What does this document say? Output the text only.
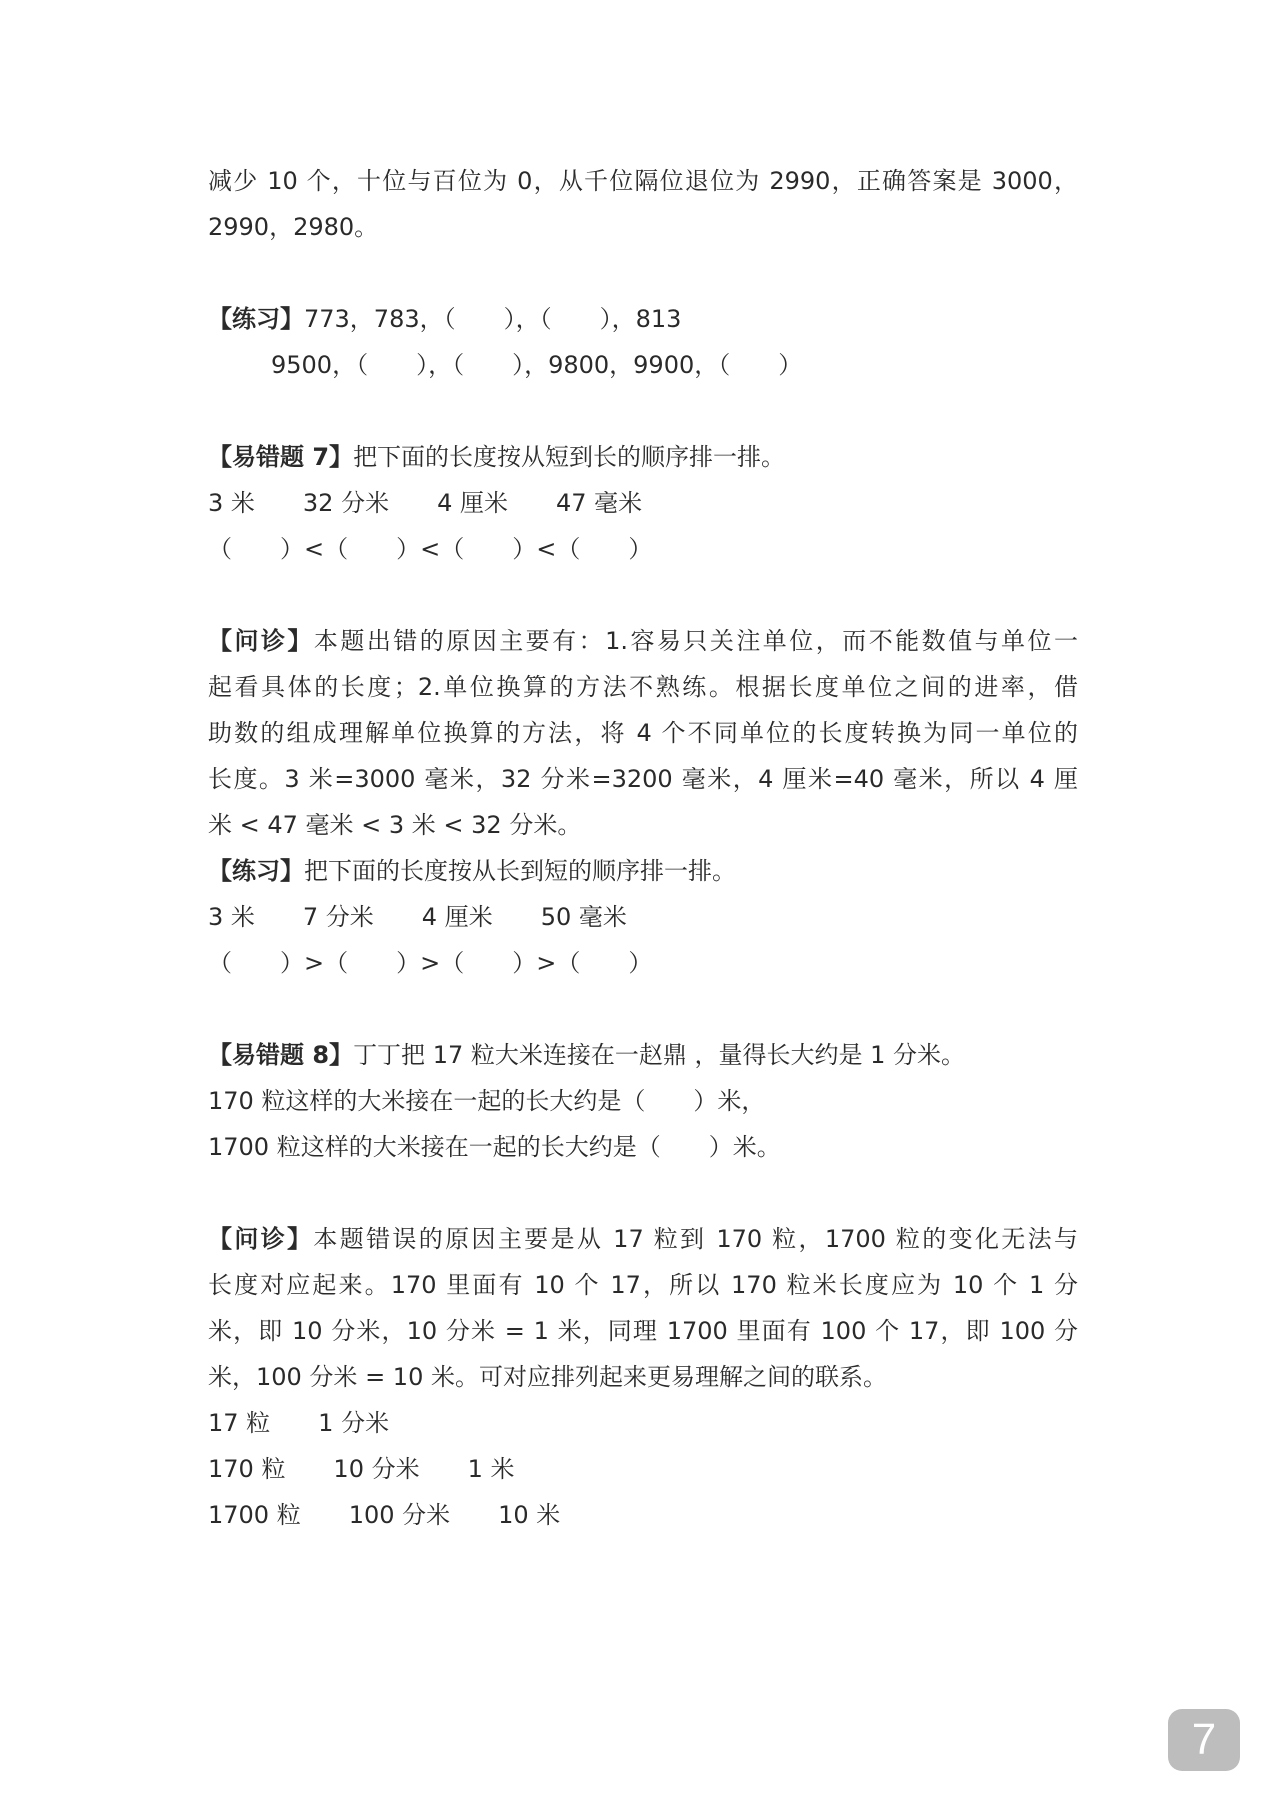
减少 10 个，十位与百位为 0，从千位隔位退位为 2990，正确答案是 3000，
2990，2980。
【练习】773，783，（　　），（　　），813
9500，（　　），（　　），9800，9900，（　　）
【易错题 7】把下面的长度按从短到长的顺序排一排。
3 米　　32 分米　　4 厘米　　47 毫米
（　　）<（　　）<（　　）<（　　）
【问诊】本题出错的原因主要有：1.容易只关注单位，而不能数值与单位一
起看具体的长度；2.单位换算的方法不熟练。根据长度单位之间的进率，借
助数的组成理解单位换算的方法，将 4 个不同单位的长度转换为同一单位的
长度。3 米=3000 毫米，32 分米=3200 毫米，4 厘米=40 毫米，所以 4 厘
米 < 47 毫米 < 3 米 < 32 分米。
【练习】把下面的长度按从长到短的顺序排一排。
3 米　　7 分米　　4 厘米　　50 毫米
（　　）>（　　）>（　　）>（　　）
【易错题 8】丁丁把 17 粒大米连接在一赵鼎 ，量得长大约是 1 分米。
170 粒这样的大米接在一起的长大约是（　　）米，
1700 粒这样的大米接在一起的长大约是（　　）米。
【问诊】本题错误的原因主要是从 17 粒到 170 粒，1700 粒的变化无法与
长度对应起来。170 里面有 10 个 17，所以 170 粒米长度应为 10 个 1 分
米，即 10 分米，10 分米 = 1 米，同理 1700 里面有 100 个 17，即 100 分
米，100 分米 = 10 米。可对应排列起来更易理解之间的联系。
17 粒　　1 分米
170 粒　　10 分米　　1 米
1700 粒　　100 分米　　10 米
7
